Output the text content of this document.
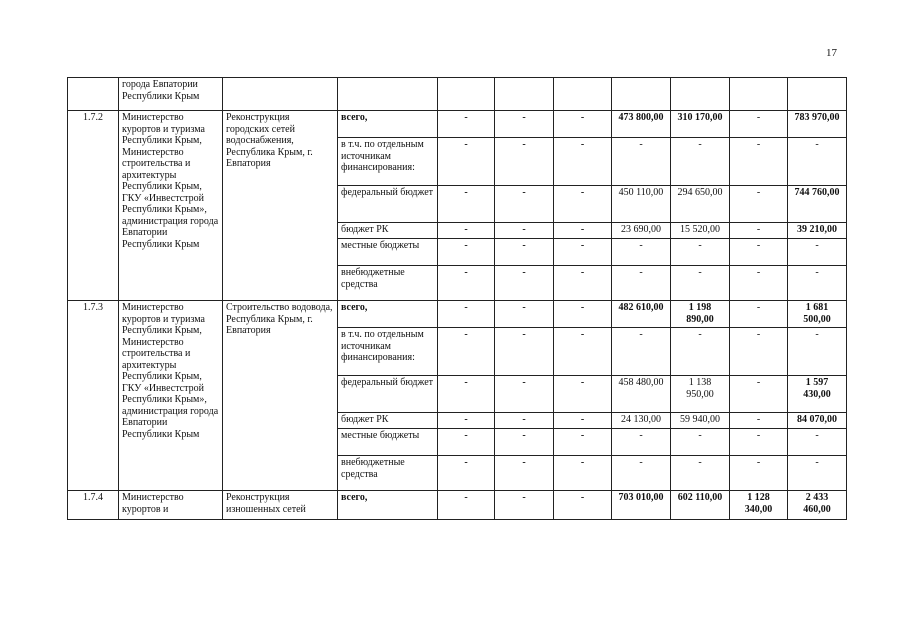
17
	города Евпатории Республики Крым									
1.7.2	Министерство курортов и туризма Республики Крым, Министерство строительства и архитектуры Республики Крым, ГКУ «Инвестстрой Республики Крым», администрация города Евпатории Республики Крым	Реконструкция городских сетей водоснабжения, Республика Крым, г. Евпатория	всего,	-	-	-	473 800,00	310 170,00	-	783 970,00
			в т.ч. по отдельным источникам финансирования:	-	-	-	-	-	-	-
			федеральный бюджет	-	-	-	450 110,00	294 650,00	-	744 760,00
			бюджет РК	-	-	-	23 690,00	15 520,00	-	39 210,00
			местные бюджеты	-	-	-	-	-	-	-
			внебюджетные средства	-	-	-	-	-	-	-
1.7.3	Министерство курортов и туризма Республики Крым, Министерство строительства и архитектуры Республики Крым, ГКУ «Инвестстрой Республики Крым», администрация города Евпатории Республики Крым	Строительство водовода, Республика Крым, г. Евпатория	всего,	-	-	-	482 610,00	1 198 890,00	-	1 681 500,00
			в т.ч. по отдельным источникам финансирования:	-	-	-	-	-	-	-
			федеральный бюджет	-	-	-	458 480,00	1 138 950,00	-	1 597 430,00
			бюджет РК	-	-	-	24 130,00	59 940,00	-	84 070,00
			местные бюджеты	-	-	-	-	-	-	-
			внебюджетные средства	-	-	-	-	-	-	-
1.7.4	Министерство курортов и	Реконструкция изношенных сетей	всего,	-	-	-	703 010,00	602 110,00	1 128 340,00	2 433 460,00
